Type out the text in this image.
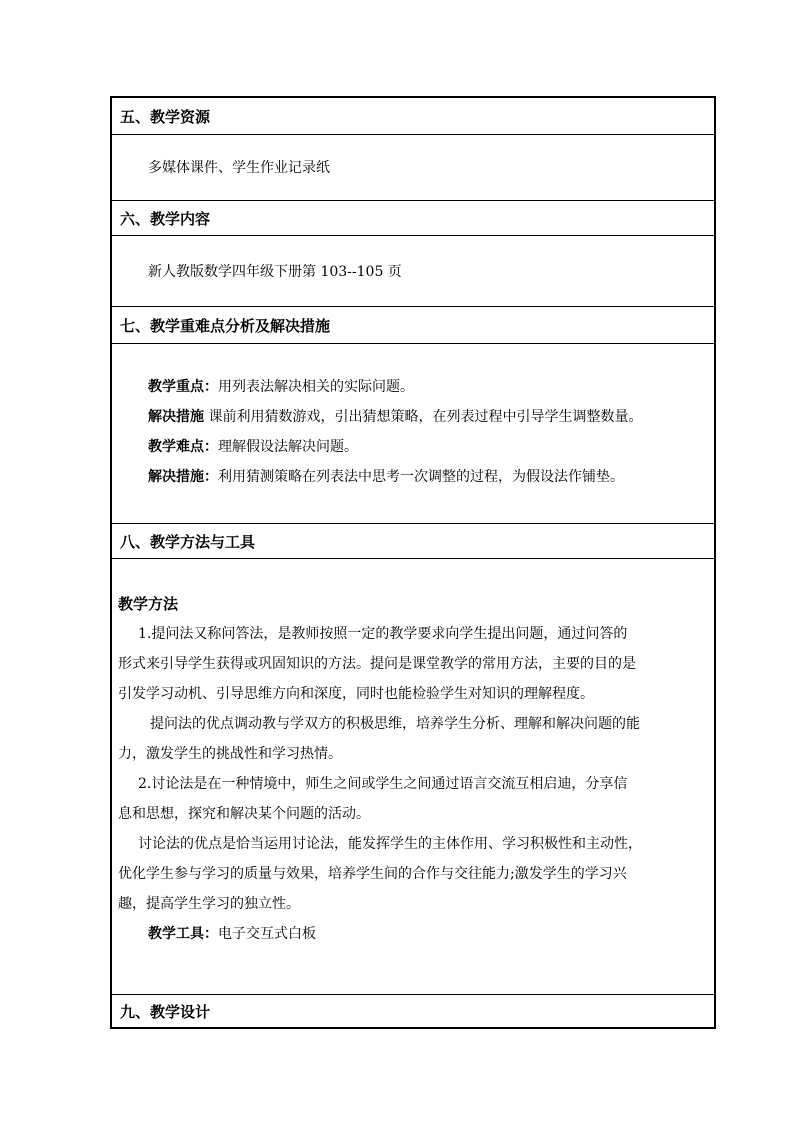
五、教学资源

多媒体课件、学生作业记录纸

六、教学内容

新人教版数学四年级下册第 103--105 页

七、教学重难点分析及解决措施

教学重点：用列表法解决相关的实际问题。

解决措施 课前利用猜数游戏，引出猜想策略，在列表过程中引导学生调整数量。

教学难点：理解假设法解决问题。

解决措施：利用猜测策略在列表法中思考一次调整的过程，为假设法作铺垫。

八、教学方法与工具

教学方法

1.提问法又称问答法，是教师按照一定的教学要求向学生提出问题，通过问答的

形式来引导学生获得或巩固知识的方法。提问是课堂教学的常用方法，主要的目的是

引发学习动机、引导思维方向和深度，同时也能检验学生对知识的理解程度。

提问法的优点调动教与学双方的积极思维，培养学生分析、理解和解决问题的能

力，激发学生的挑战性和学习热情。

2.讨论法是在一种情境中，师生之间或学生之间通过语言交流互相启迪，分享信

息和思想，探究和解决某个问题的活动。

讨论法的优点是恰当运用讨论法，能发挥学生的主体作用、学习积极性和主动性，

优化学生参与学习的质量与效果，培养学生间的合作与交往能力;激发学生的学习兴

趣，提高学生学习的独立性。

教学工具：电子交互式白板

九、教学设计
